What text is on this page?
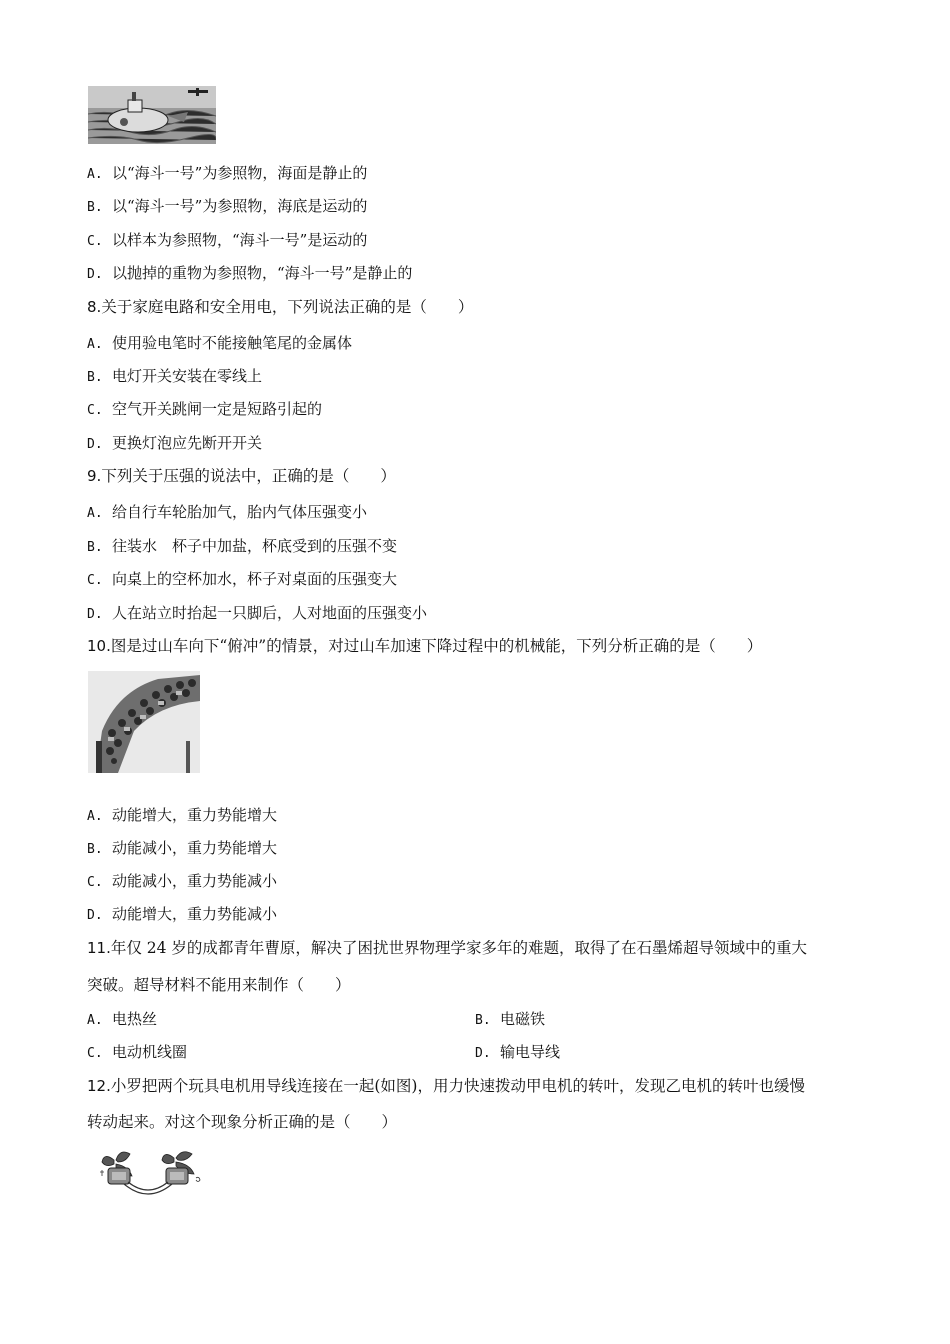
A. 以“海斗一号”为参照物，海面是静止的
B. 以“海斗一号”为参照物，海底是运动的
C. 以样本为参照物，“海斗一号”是运动的
D. 以抛掉的重物为参照物，“海斗一号”是静止的
8.关于家庭电路和安全用电，下列说法正确的是（　　）
A. 使用验电笔时不能接触笔尾的金属体
B. 电灯开关安装在零线上
C. 空气开关跳闸一定是短路引起的
D. 更换灯泡应先断开开关
9.下列关于压强的说法中，正确的是（　　）
A. 给自行车轮胎加气，胎内气体压强变小
B. 往装水　杯子中加盐，杯底受到的压强不变
C. 向桌上的空杯加水，杯子对桌面的压强变大
D. 人在站立时抬起一只脚后，人对地面的压强变小
10.图是过山车向下“俯冲”的情景，对过山车加速下降过程中的机械能，下列分析正确的是（　　）
A. 动能增大，重力势能增大
B. 动能减小，重力势能增大
C. 动能减小，重力势能减小
D. 动能增大，重力势能减小
11.年仅 24 岁的成都青年曹原，解决了困扰世界物理学家多年的难题，取得了在石墨烯超导领域中的重大
突破。超导材料不能用来制作（　　）
A. 电热丝	B. 电磁铁
C. 电动机线圈	D. 输电导线
12.小罗把两个玩具电机用导线连接在一起(如图)，用力快速拨动甲电机的转叶，发现乙电机的转叶也缓慢
转动起来。对这个现象分析正确的是（　　）
